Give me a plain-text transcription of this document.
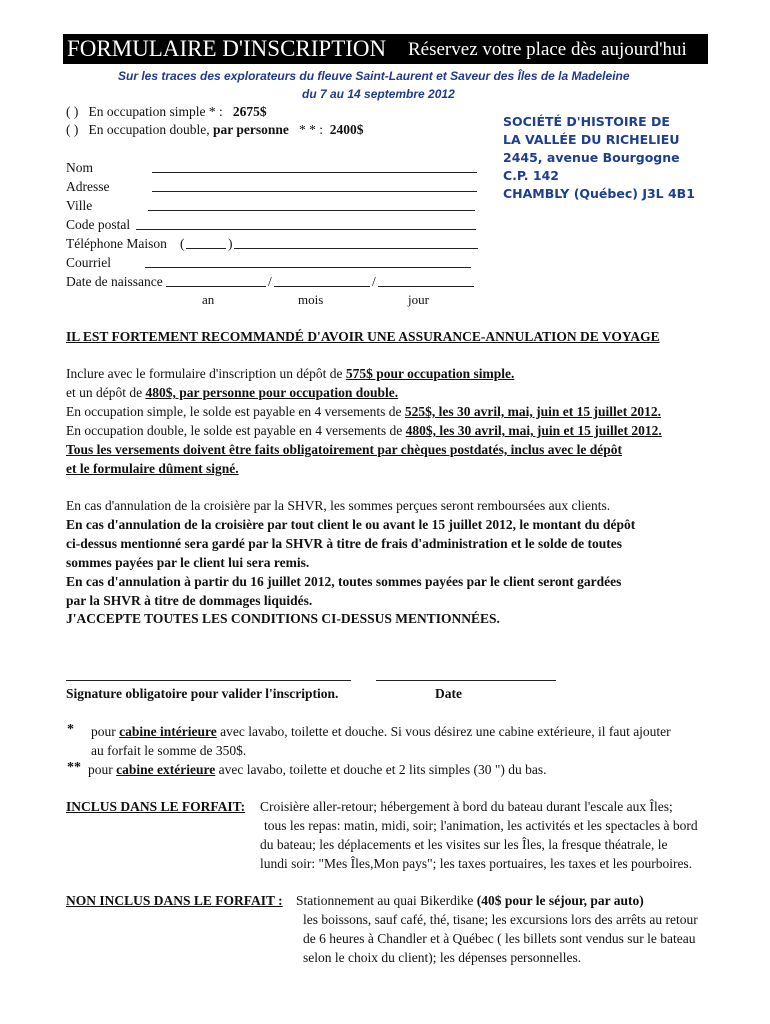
FORMULAIRE D'INSCRIPTION Réservez votre place dès aujourd'hui
Sur les traces des explorateurs du fleuve Saint-Laurent et Saveur des Îles de la Madeleine
du 7 au 14 septembre 2012
( ) En occupation simple * : 2675$
( ) En occupation double, par personne * * : 2400$
SOCIÉTÉ D'HISTOIRE DE
LA VALLÉE DU RICHELIEU
2445, avenue Bourgogne
C.P. 142
CHAMBLY (Québec) J3L 4B1
Nom
Adresse
Ville
Code postal
Téléphone Maison (	)
Courriel
Date de naissance	/	/
an	mois	jour
IL EST FORTEMENT RECOMMANDÉ D'AVOIR UNE ASSURANCE-ANNULATION DE VOYAGE
Inclure avec le formulaire d'inscription un dépôt de 575$ pour occupation simple.
et un dépôt de 480$, par personne pour occupation double.
En occupation simple, le solde est payable en 4 versements de 525$, les 30 avril, mai, juin et 15 juillet 2012.
En occupation double, le solde est payable en 4 versements de 480$, les 30 avril, mai, juin et 15 juillet 2012.
Tous les versements doivent être faits obligatoirement par chèques postdatés, inclus avec le dépôt
et le formulaire dûment signé.
En cas d'annulation de la croisière par la SHVR, les sommes perçues seront remboursées aux clients.
En cas d'annulation de la croisière par tout client le ou avant le 15 juillet 2012, le montant du dépôt
ci-dessus mentionné sera gardé par la SHVR à titre de frais d'administration et le solde de toutes
sommes payées par le client lui sera remis.
En cas d'annulation à partir du 16 juillet 2012, toutes sommes payées par le client seront gardées
par la SHVR à titre de dommages liquidés.
J'ACCEPTE TOUTES LES CONDITIONS CI-DESSUS MENTIONNÉES.
Signature obligatoire pour valider l'inscription.	Date
* pour cabine intérieure avec lavabo, toilette et douche. Si vous désirez une cabine extérieure, il faut ajouter
au forfait le somme de 350$.
** pour cabine extérieure avec lavabo, toilette et douche et 2 lits simples (30 ") du bas.
INCLUS DANS LE FORFAIT: Croisière aller-retour; hébergement à bord du bateau durant l'escale aux Îles;
tous les repas: matin, midi, soir; l'animation, les activités et les spectacles à bord
du bateau; les déplacements et les visites sur les Îles, la fresque théatrale, le
lundi soir: "Mes Îles,Mon pays"; les taxes portuaires, les taxes et les pourboires.
NON INCLUS DANS LE FORFAIT : Stationnement au quai Bikerdike (40$ pour le séjour, par auto)
les boissons, sauf café, thé, tisane; les excursions lors des arrêts au retour
de 6 heures à Chandler et à Québec ( les billets sont vendus sur le bateau
selon le choix du client); les dépenses personnelles.
